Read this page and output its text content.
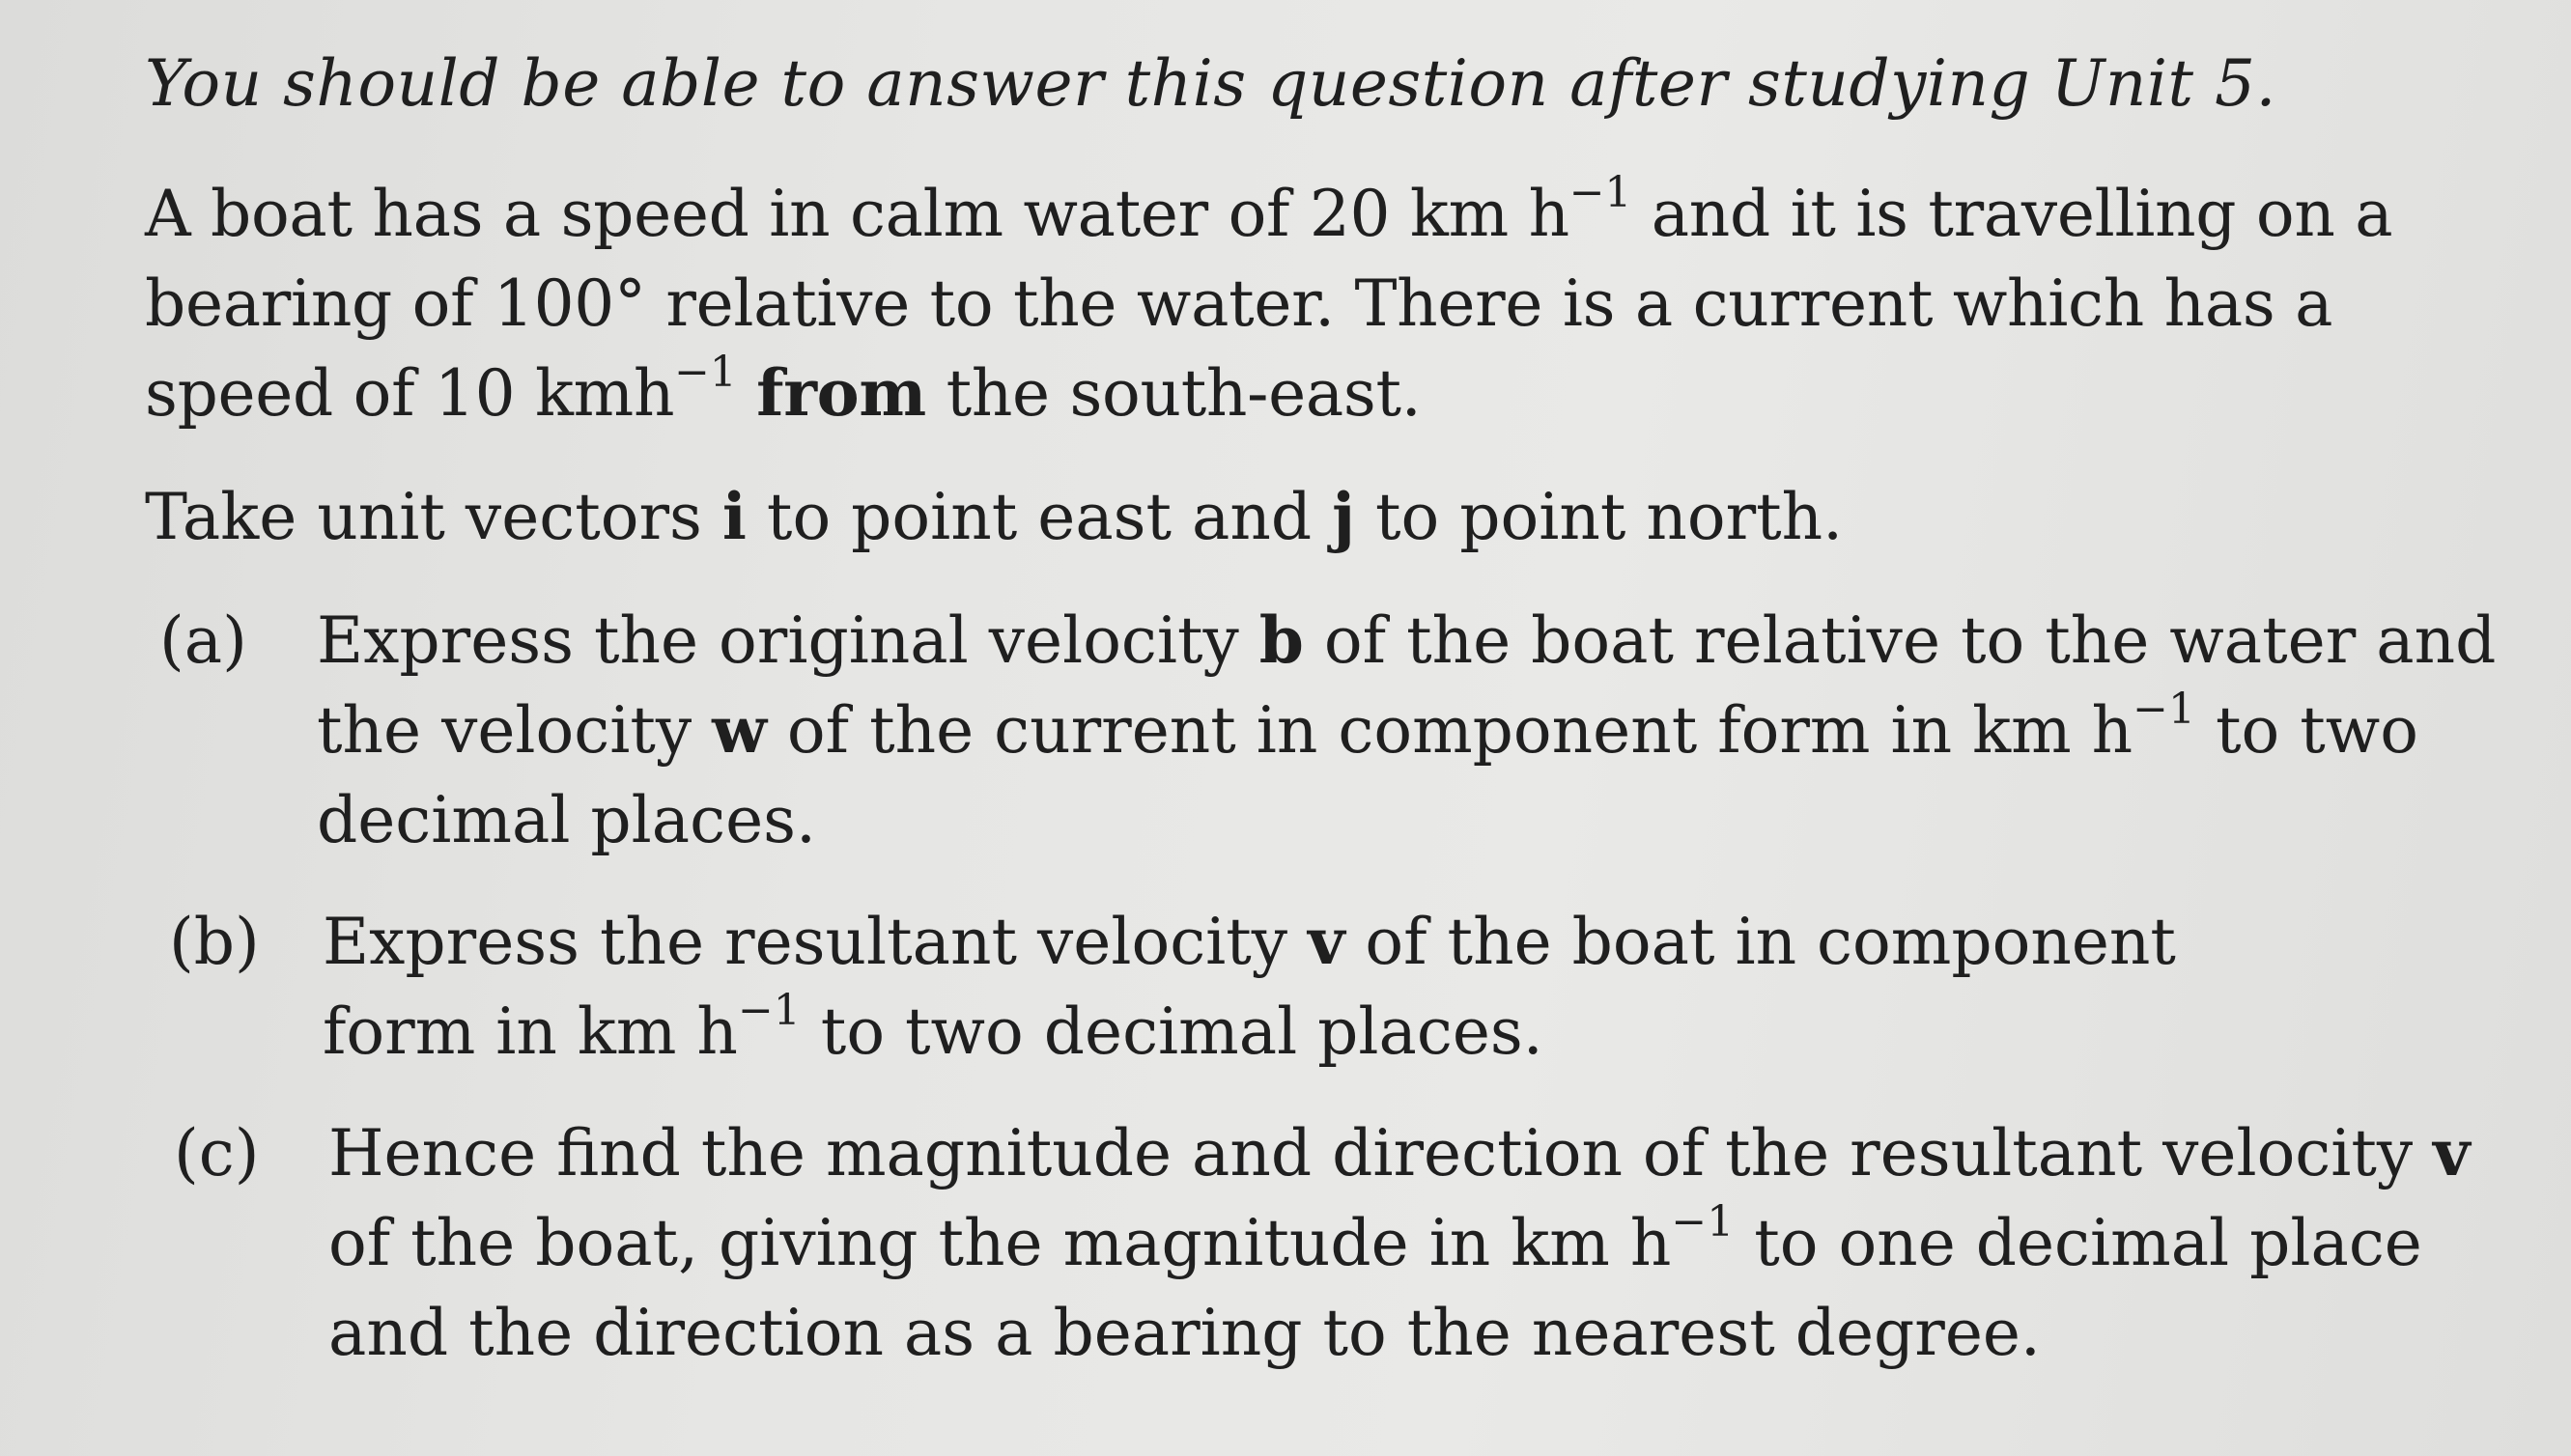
You should be able to answer this question after studying Unit 5.

A boat has a speed in calm water of 20 km $h^{-1}$ and it is travelling on a bearing of 100° relative to the water. There is a current which has a speed of 10 kmh$^{-1}$ from the south-east.

Take unit vectors i to point east and j to point north.

(a) Express the original velocity b of the boat relative to the water and the velocity w of the current in component form in km $h^{-1}$ to two decimal places.
(b) Express the resultant velocity v of the boat in component form in km $h^{-1}$ to two decimal places.
(c) Hence find the magnitude and direction of the resultant velocity v of the boat, giving the magnitude in km $h^{-1}$ to one decimal place and the direction as a bearing to the nearest degree.
